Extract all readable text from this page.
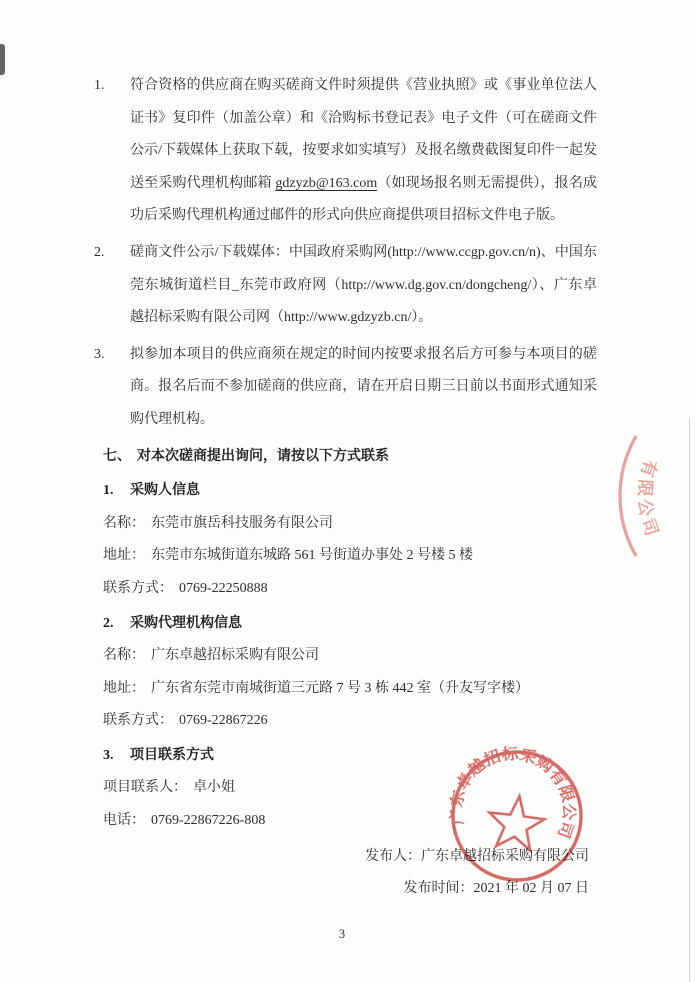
1.	符合资格的供应商在购买磋商文件时须提供《营业执照》或《事业单位法人证书》复印件（加盖公章）和《洽购标书登记表》电子文件（可在磋商文件公示/下载媒体上获取下载，按要求如实填写）及报名缴费截图复印件一起发送至采购代理机构邮箱 gdzyzb@163.com（如现场报名则无需提供），报名成功后采购代理机构通过邮件的形式向供应商提供项目招标文件电子版。
2.	磋商文件公示/下载媒体：中国政府采购网(http://www.ccgp.gov.cn/n)、中国东莞东城街道栏目_东莞市政府网（http://www.dg.gov.cn/dongcheng/）、广东卓越招标采购有限公司网（http://www.gdzyzb.cn/）。
3.	拟参加本项目的供应商须在规定的时间内按要求报名后方可参与本项目的磋商。报名后而不参加磋商的供应商，请在开启日期三日前以书面形式通知采购代理机构。
七、 对本次磋商提出询问，请按以下方式联系
1.	采购人信息
名称： 东莞市旗岳科技服务有限公司
地址： 东莞市东城街道东城路 561 号街道办事处 2 号楼 5 楼
联系方式： 0769-22250888
2.	采购代理机构信息
名称： 广东卓越招标采购有限公司
地址： 广东省东莞市南城街道三元路 7 号 3 栋 442 室（升友写字楼）
联系方式： 0769-22867226
3.	项目联系方式
项目联系人： 卓小姐
电话： 0769-22867226-808
发布人：广东卓越招标采购有限公司
发布时间：2021 年 02 月 07 日
3
广东卓越招标采购有限公司
有限公司
